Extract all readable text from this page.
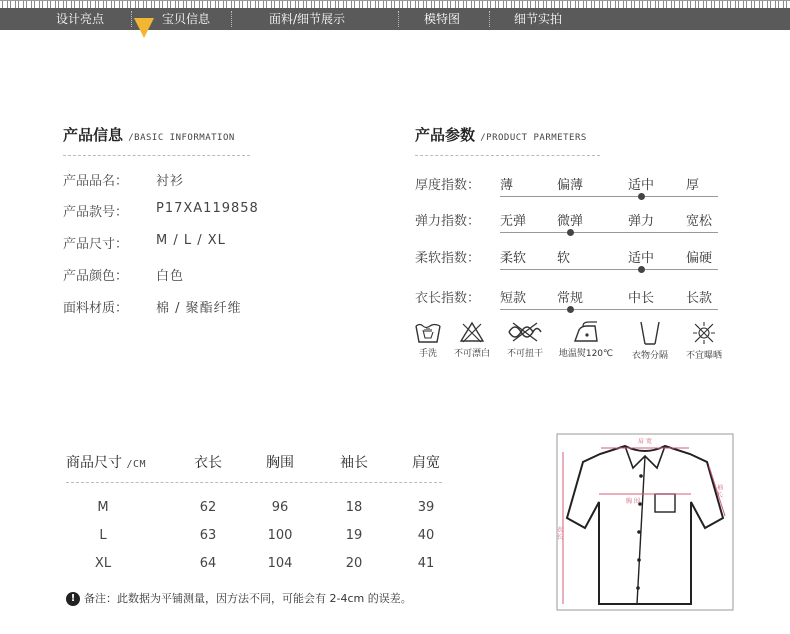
设计亮点	宝贝信息	面料/细节展示	模特图	细节实拍
产品信息 /BASIC INFORMATION
产品品名： 衬衫
产品款号： P17XA119858
产品尺寸： M / L / XL
产品颜色： 白色
面料材质： 棉 / 聚酯纤维
产品参数 /PRODUCT PARMETERS
厚度指数： 薄	偏薄	适中 厚
弹力指数： 无弹 微弹	弹力 宽松
柔软指数： 柔软 软	适中 偏硬
衣长指数： 短款 常规	中长 长款
手洗	不可漂白	不可扭干	地温熨120℃	衣物分隔	不宜曝晒
商品尺寸 /CM	衣长	胸围	袖长	肩宽
M	62	96	18	39
L	63	100	19	40
XL	64	104	20	41
! 备注：此数据为平铺测量，因方法不同，可能会有 2-4cm 的误差。
肩 宽
胸 围
衣 长
袖 长
